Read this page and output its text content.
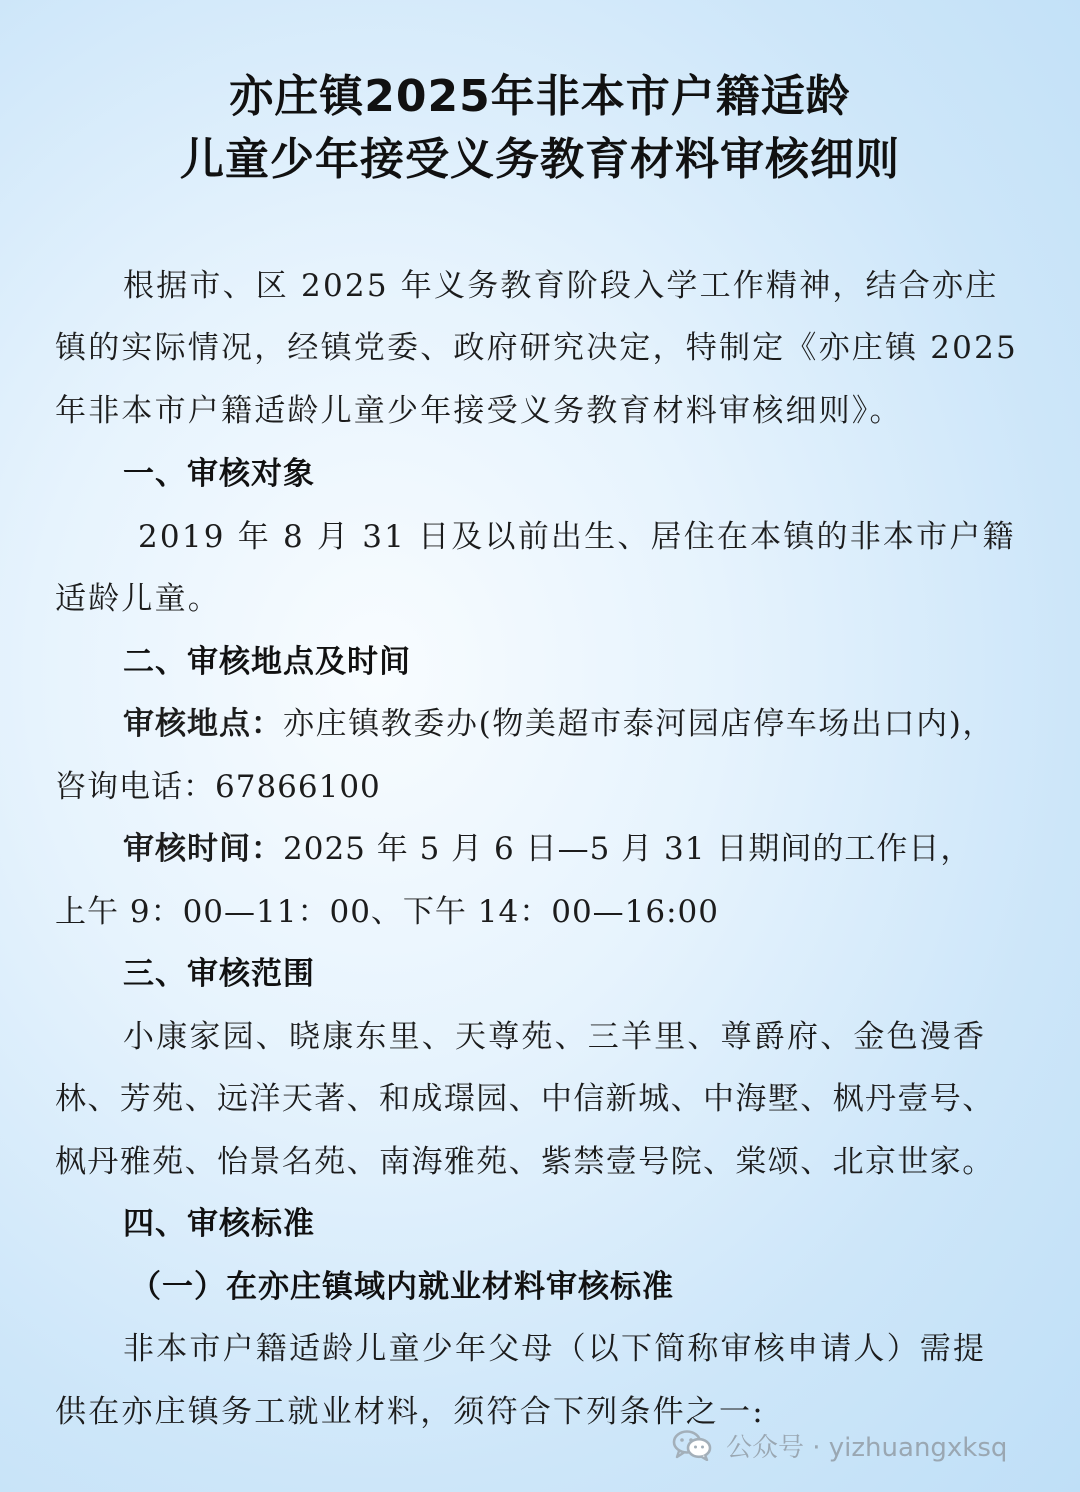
亦庄镇2025年非本市户籍适龄
儿童少年接受义务教育材料审核细则
根据市、区 2025 年义务教育阶段入学工作精神，结合亦庄
镇的实际情况，经镇党委、政府研究决定，特制定《亦庄镇 2025
年非本市户籍适龄儿童少年接受义务教育材料审核细则》。
一、审核对象
2019 年 8 月 31 日及以前出生、居住在本镇的非本市户籍
适龄儿童。
二、审核地点及时间
审核地点：亦庄镇教委办(物美超市泰河园店停车场出口内)，
咨询电话：67866100
审核时间：2025 年 5 月 6 日—5 月 31 日期间的工作日，
上午 9：00—11：00、下午 14：00—16:00
三、审核范围
小康家园、晓康东里、天尊苑、三羊里、尊爵府、金色漫香
林、芳苑、远洋天著、和成璟园、中信新城、中海墅、枫丹壹号、
枫丹雅苑、怡景名苑、南海雅苑、紫禁壹号院、棠颂、北京世家。
四、审核标准
（一）在亦庄镇域内就业材料审核标准
非本市户籍适龄儿童少年父母（以下简称审核申请人）需提
供在亦庄镇务工就业材料，须符合下列条件之一:
公众号 · yizhuangxksq
